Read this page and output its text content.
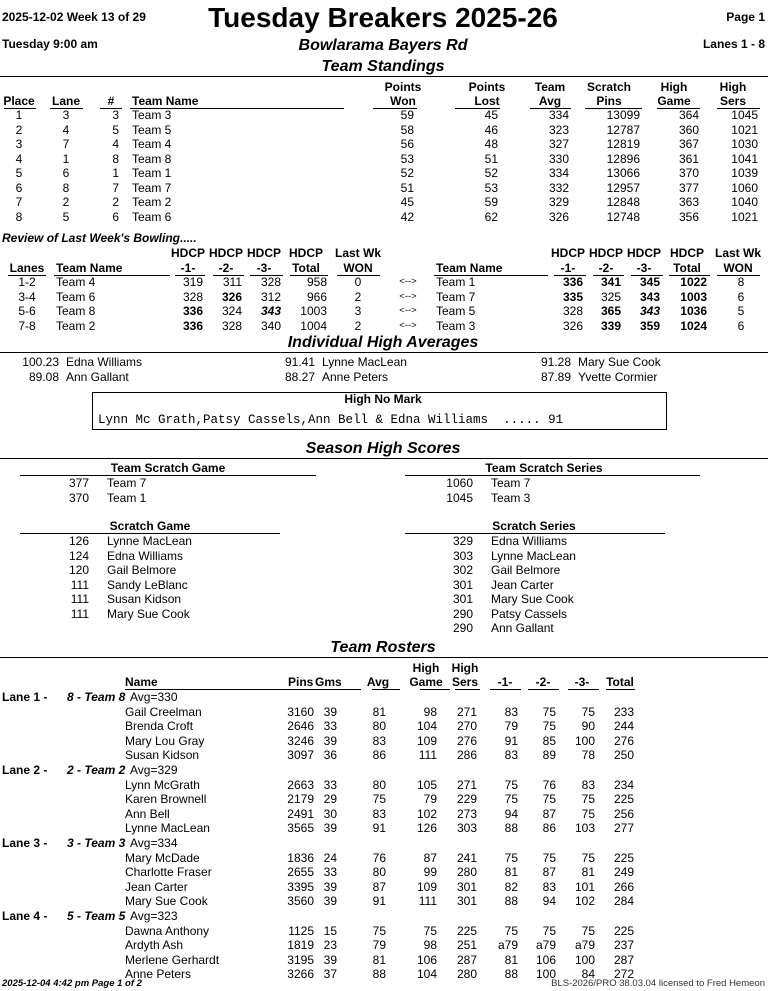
2025-12-02 Week 13 of 29	Tuesday Breakers 2025-26	Page 1
Tuesday 9:00 am	Bowlarama Bayers Rd	Lanes 1 - 8
Team Standings
Points
Won
Points
Lost
Team
Avg
Scratch
Pins
High
Game
High
Sers
Place	Lane	#	Team Name
1	3	3 Team 3	59	45	334	13099	364	1045
2	4	5 Team 5	58	46	323	12787	360	1021
3	7	4 Team 4	56	48	327	12819	367	1030
4	1	8 Team 8	53	51	330	12896	361	1041
5	6	1 Team 1	52	52	334	13066	370	1039
6	8	7 Team 7	51	53	332	12957	377	1060
7	2	2 Team 2	45	59	329	12848	363	1040
8	5	6 Team 6	42	62	326	12748	356	1021
Review of Last Week's Bowling.....
HDCP HDCP HDCP HDCP	HDCP HDCP HDCP HDCP
Last Wk	Last Wk
Lanes Team Name	Team Name
-1-	-2-	-3-	Total	WON	-1-	-2-	-3-	Total	WON
<-->
1-2	Team 4	319 311 328 958	0	Team 1	336 341 345 1022	8
<-->
3-4	Team 6	328 326 312 966	2	Team 7	335 325 343 1003	6
<-->
5-6	Team 8	336 324 343 1003	3	Team 5	328 365 343 1036	5
<-->
7-8	Team 2	336 328 340 1004	2	Team 3	326 339 359 1024	6
Individual High Averages
100.23 Edna Williams	91.41 Lynne MacLean	91.28 Mary Sue Cook
89.08 Ann Gallant	88.27 Anne Peters	87.89 Yvette Cormier
High No Mark
Lynn Mc Grath,Patsy Cassels,Ann Bell & Edna Williams  ..... 91
Season High Scores
Team Scratch Game
377 Team 7
370 Team 1
Team Scratch Series
1060 Team 7
1045 Team 3
Scratch Game
126 Lynne MacLean
124 Edna Williams
120 Gail Belmore
111 Sandy LeBlanc
111 Susan Kidson
111 Mary Sue Cook
Scratch Series
329 Edna Williams
303 Lynne MacLean
302 Gail Belmore
301 Jean Carter
301 Mary Sue Cook
290 Patsy Cassels
290 Ann Gallant
Team Rosters
High	High
Name	Pins Gms	Avg	Game Sers	-1-	-2-	-3-	Total
Lane 1 - 8 - Team 8 Avg=330
Gail Creelman	3160 39	81	98 271 83 75 75 233
Brenda Croft	2646 33	80	104 270 79 75 90 244
Mary Lou Gray	3246 39	83	109 276 91 85 100 276
Susan Kidson	3097 36	86	111 286 83 89 78 250
Lane 2 - 2 - Team 2 Avg=329
Lynn McGrath	2663 33	80	105 271 75 76 83 234
Karen Brownell	2179 29	75	79 229 75 75 75 225
Ann Bell	2491 30	83	102 273 94 87 75 256
Lynne MacLean	3565 39	91	126 303 88 86 103 277
Lane 3 - 3 - Team 3 Avg=334
Mary McDade	1836 24	76	87 241 75 75 75 225
Charlotte Fraser	2655 33	80	99 280 81 87 81 249
Jean Carter	3395 39	87	109 301 82 83 101 266
Mary Sue Cook	3560 39	91	111 301 88 94 102 284
Lane 4 - 5 - Team 5 Avg=323
Dawna Anthony	1125 15	75	75 225 75 75 75 225
Ardyth Ash	1819 23	79	98 251 a79 a79 a79 237
Merlene Gerhardt	3195 39	81	106 287 81 106 100 287
Anne Peters	3266 37	88	104 280 88 100 84 272
2025-12-04 4:42 pm Page 1 of 2	BLS-2026/PRO 38.03.04 licensed to Fred Hemeon
